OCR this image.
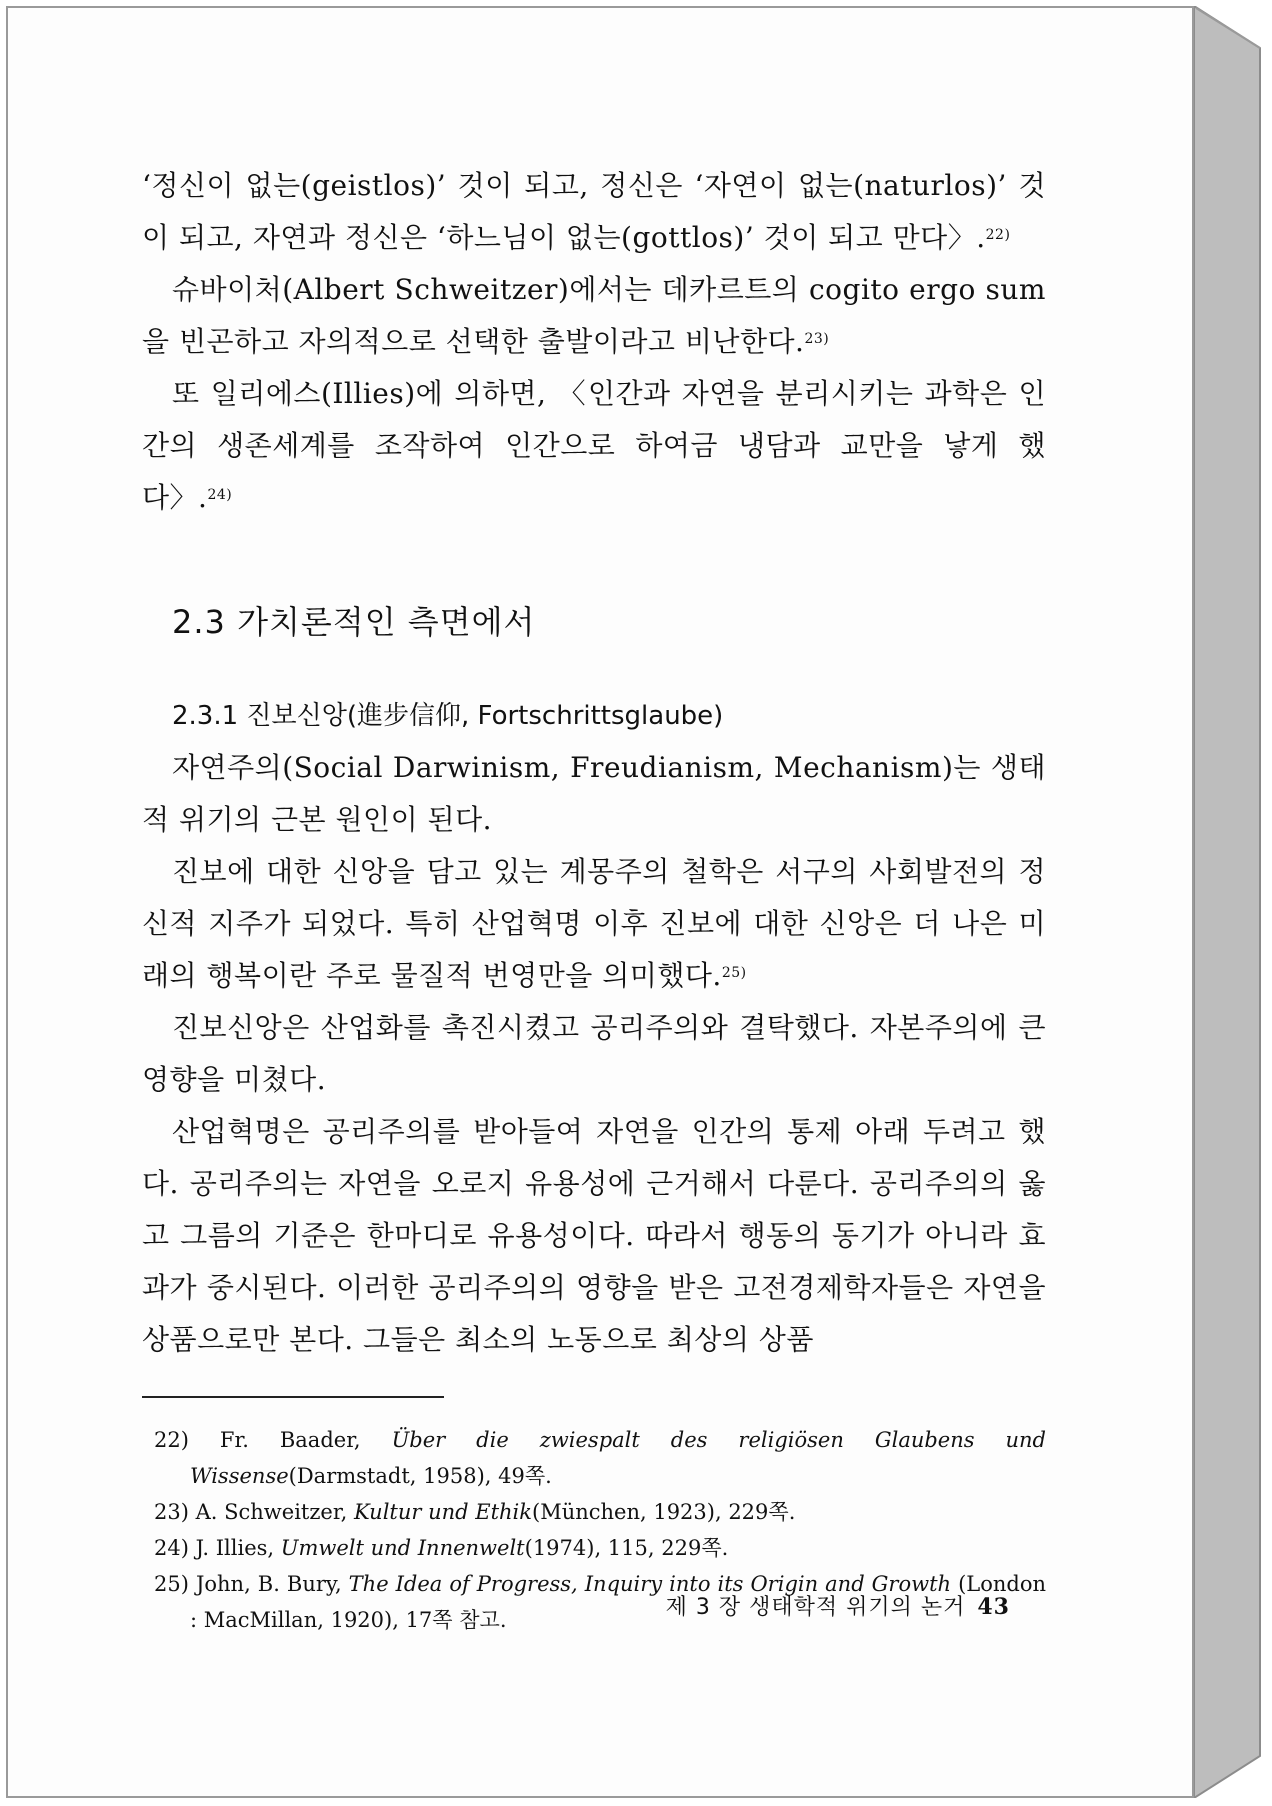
‘정신이 없는(geistlos)’ 것이 되고, 정신은 ‘자연이 없는(naturlos)’ 것이 되고, 자연과 정신은 ‘하느님이 없는(gottlos)’ 것이 되고 만다〉.$^{22)}$

슈바이처(Albert Schweitzer)에서는 데카르트의 cogito ergo sum을 빈곤하고 자의적으로 선택한 출발이라고 비난한다.$^{23)}$

또 일리에스(Illies)에 의하면, 〈인간과 자연을 분리시키는 과학은 인간의 생존세계를 조작하여 인간으로 하여금 냉담과 교만을 낳게 했다〉.$^{24)}$

2.3 가치론적인 측면에서
2.3.1 진보신앙(進步信仰, Fortschrittsglaube)

자연주의(Social Darwinism, Freudianism, Mechanism)는 생태적 위기의 근본 원인이 된다.

진보에 대한 신앙을 담고 있는 계몽주의 철학은 서구의 사회발전의 정신적 지주가 되었다. 특히 산업혁명 이후 진보에 대한 신앙은 더 나은 미래의 행복이란 주로 물질적 번영만을 의미했다.$^{25)}$

진보신앙은 산업화를 촉진시켰고 공리주의와 결탁했다. 자본주의에 큰 영향을 미쳤다.

산업혁명은 공리주의를 받아들여 자연을 인간의 통제 아래 두려고 했다. 공리주의는 자연을 오로지 유용성에 근거해서 다룬다. 공리주의의 옳고 그름의 기준은 한마디로 유용성이다. 따라서 행동의 동기가 아니라 효과가 중시된다. 이러한 공리주의의 영향을 받은 고전경제학자들은 자연을 상품으로만 본다. 그들은 최소의 노동으로 최상의 상품

22) Fr. Baader, Über die zwiespalt des religiösen Glaubens und Wissense(Darmstadt, 1958), 49쪽.

23) A. Schweitzer, Kultur und Ethik(München, 1923), 229쪽.

24) J. Illies, Umwelt und Innenwelt(1974), 115, 229쪽.

25) John, B. Bury, The Idea of Progress, Inquiry into its Origin and Growth (London : MacMillan, 1920), 17쪽 참고.	제 3 장 생태학적 위기의 논거 43
